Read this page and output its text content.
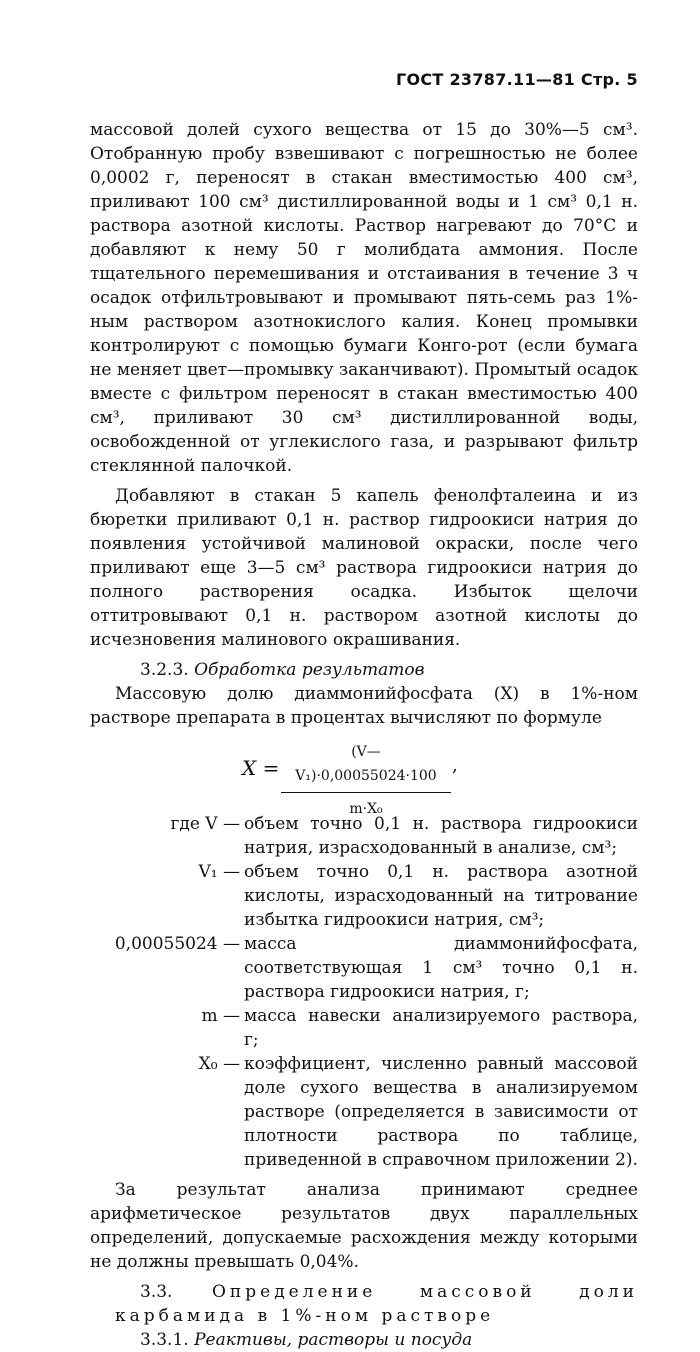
ГОСТ 23787.11—81 Стр. 5

массовой долей сухого вещества от 15 до 30%—5 см³. Отобранную пробу взвешивают с погрешностью не более 0,0002 г, переносят в стакан вместимостью 400 см³, приливают 100 см³ дистиллированной воды и 1 см³ 0,1 н. раствора азотной кислоты. Раствор нагревают до 70°С и добавляют к нему 50 г молибдата аммония. После тщательного перемешивания и отстаивания в течение 3 ч осадок отфильтровывают и промывают пять-семь раз 1%-ным раствором азотнокислого калия. Конец промывки контролируют с помощью бумаги Конго-рот (если бумага не меняет цвет—промывку заканчивают). Промытый осадок вместе с фильтром переносят в стакан вместимостью 400 см³, приливают 30 см³ дистиллированной воды, освобожденной от углекислого газа, и разрывают фильтр стеклянной палочкой.

Добавляют в стакан 5 капель фенолфталеина и из бюретки приливают 0,1 н. раствор гидроокиси натрия до появления устойчивой малиновой окраски, после чего приливают еще 3—5 см³ раствора гидроокиси натрия до полного растворения осадка. Избыток щелочи оттитровывают 0,1 н. раствором азотной кислоты до исчезновения малинового окрашивания.

3.2.3. Обработка результатов

Массовую долю диаммонийфосфата (X) в 1%-ном растворе препарата в процентах вычисляют по формуле

$X = \frac{\text{(V—V₁)·0,00055024·100}}{\text{m·X₀}}$ ,
где V — объем точно 0,1 н. раствора гидроокиси натрия, израсходованный в анализе, см³;
V₁ — объем точно 0,1 н. раствора азотной кислоты, израсходованный на титрование избытка гидроокиси натрия, см³;
0,00055024 — масса диаммонийфосфата, соответствующая 1 см³ точно 0,1 н. раствора гидроокиси натрия, г;
m — масса навески анализируемого раствора, г;
X₀ — коэффициент, численно равный массовой доле сухого вещества в анализируемом растворе (определяется в зависимости от плотности раствора по таблице, приведенной в справочном приложении 2).

За результат анализа принимают среднее арифметическое результатов двух параллельных определений, допускаемые расхождения между которыми не должны превышать 0,04%.

3.3. Определение массовой доли карбамида в 1%-ном растворе

3.3.1. Реактивы, растворы и посуда
